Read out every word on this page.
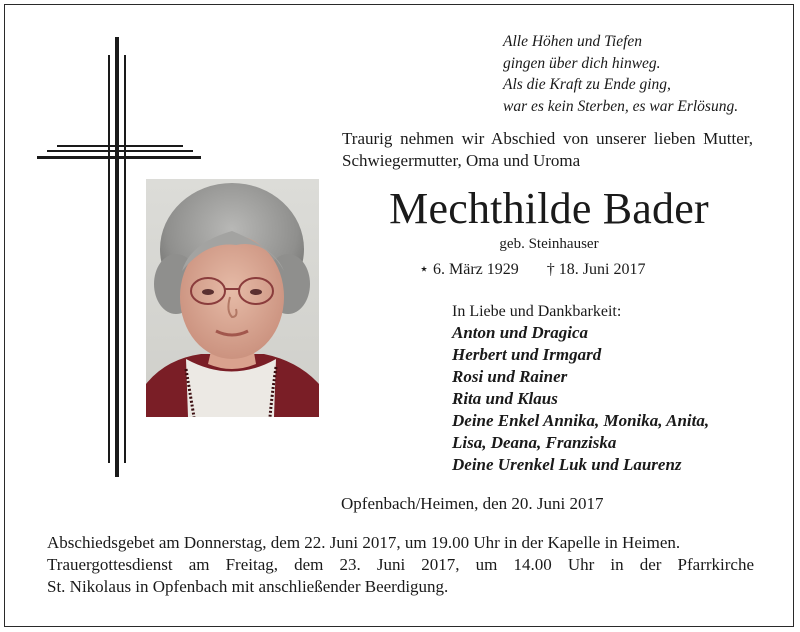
Alle Höhen und Tiefen
gingen über dich hinweg.
Als die Kraft zu Ende ging,
war es kein Sterben, es war Erlösung.
Traurig nehmen wir Abschied von unserer lieben Mutter, Schwiegermutter, Oma und Uroma
Mechthilde Bader
geb. Steinhauser
⋆ 6. März 1929 † 18. Juni 2017
In Liebe und Dankbarkeit:
Anton und Dragica
Herbert und Irmgard
Rosi und Rainer
Rita und Klaus
Deine Enkel Annika, Monika, Anita,
Lisa, Deana, Franziska
Deine Urenkel Luk und Laurenz
Opfenbach/Heimen, den 20. Juni 2017

Abschiedsgebet am Donnerstag, dem 22. Juni 2017, um 19.00 Uhr in der Kapelle in Heimen.

Trauergottesdienst am Freitag, dem 23. Juni 2017, um 14.00 Uhr in der Pfarrkirche

St. Nikolaus in Opfenbach mit anschließender Beerdigung.
